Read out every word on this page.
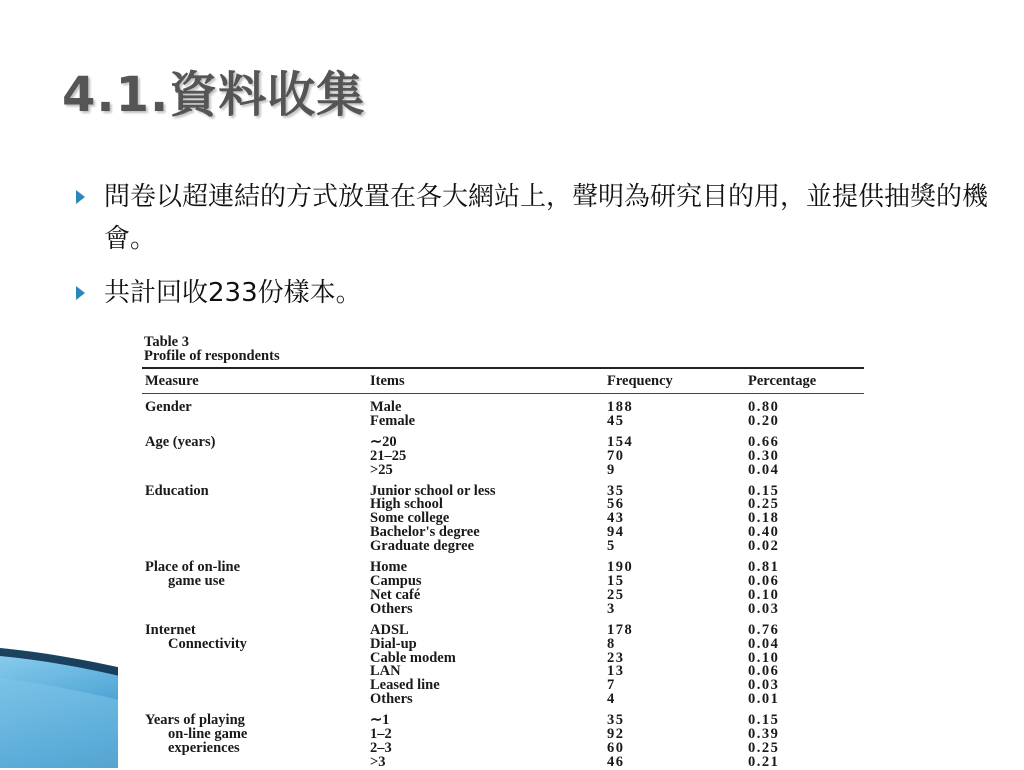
4.1.資料收集
問卷以超連結的方式放置在各大網站上，聲明為研究目的用，並提供抽獎的機會。
共計回收233份樣本。
Table 3
Profile of respondents
Measure	Items	Frequency	Percentage

Gender	Male	188	0.80
	Female	45	0.20

Age (years)	∼20	154	0.66
	21–25	70	0.30
	>25	9	0.04

Education	Junior school or less	35	0.15
	High school	56	0.25
	Some college	43	0.18
	Bachelor's degree	94	0.40
	Graduate degree	5	0.02

Place of on-line	Home	190	0.81
game use	Campus	15	0.06
	Net café	25	0.10
	Others	3	0.03

Internet	ADSL	178	0.76
Connectivity	Dial-up	8	0.04
	Cable modem	23	0.10
	LAN	13	0.06
	Leased line	7	0.03
	Others	4	0.01

Years of playing	∼1	35	0.15
on-line game	1–2	92	0.39
experiences	2–3	60	0.25
	>3	46	0.21
